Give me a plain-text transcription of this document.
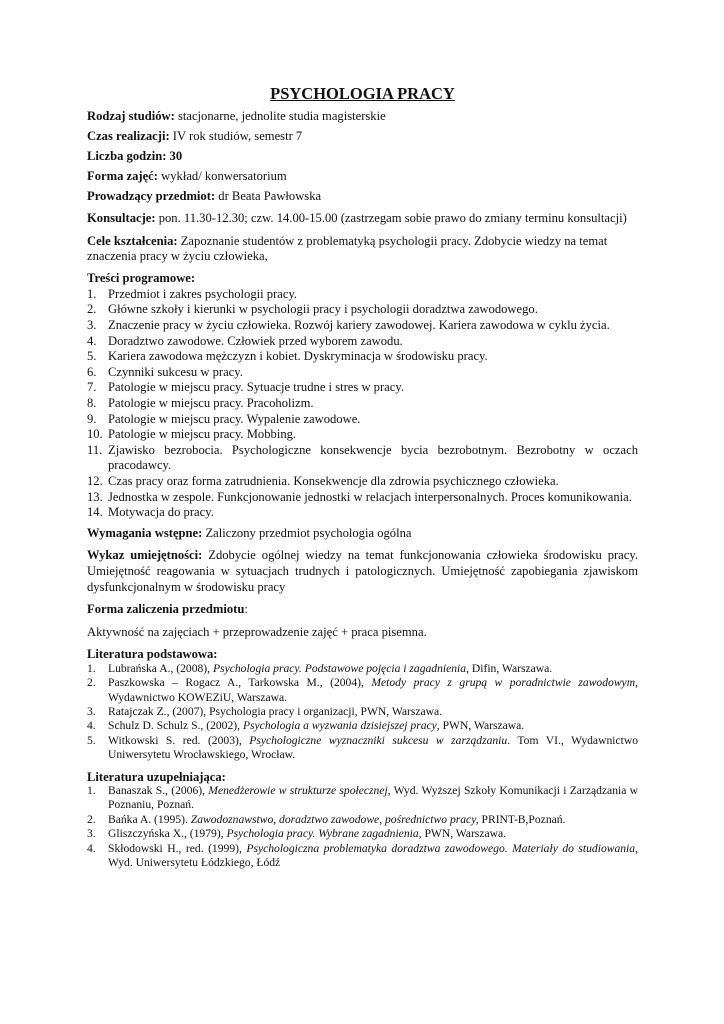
PSYCHOLOGIA PRACY

Rodzaj studiów: stacjonarne, jednolite studia magisterskie

Czas realizacji: IV rok studiów, semestr 7

Liczba godzin: 30

Forma zajęć: wykład/ konwersatorium

Prowadzący przedmiot: dr Beata Pawłowska

Konsultacje: pon. 11.30-12.30; czw. 14.00-15.00 (zastrzegam sobie prawo do zmiany terminu konsultacji)

Cele kształcenia: Zapoznanie studentów z problematyką psychologii pracy. Zdobycie wiedzy na temat znaczenia pracy w życiu człowieka,

Treści programowe:

1. Przedmiot i zakres psychologii pracy.
2. Główne szkoły i kierunki w psychologii pracy i psychologii doradztwa zawodowego.
3. Znaczenie pracy w życiu człowieka. Rozwój kariery zawodowej. Kariera zawodowa w cyklu życia.
4. Doradztwo zawodowe. Człowiek przed wyborem zawodu.
5. Kariera zawodowa mężczyzn i kobiet. Dyskryminacja w środowisku pracy.
6. Czynniki sukcesu w pracy.
7. Patologie w miejscu pracy. Sytuacje trudne i stres w pracy.
8. Patologie w miejscu pracy. Pracoholizm.
9. Patologie w miejscu pracy. Wypalenie zawodowe.
10. Patologie w miejscu pracy. Mobbing.
11. Zjawisko bezrobocia. Psychologiczne konsekwencje bycia bezrobotnym. Bezrobotny w oczach pracodawcy.
12. Czas pracy oraz forma zatrudnienia. Konsekwencje dla zdrowia psychicznego człowieka.
13. Jednostka w zespole. Funkcjonowanie jednostki w relacjach interpersonalnych. Proces komunikowania.
14. Motywacja do pracy.

Wymagania wstępne: Zaliczony przedmiot psychologia ogólna

Wykaz umiejętności: Zdobycie ogólnej wiedzy na temat funkcjonowania człowieka środowisku pracy. Umiejętność reagowania w sytuacjach trudnych i patologicznych. Umiejętność zapobiegania zjawiskom dysfunkcjonalnym w środowisku pracy

Forma zaliczenia przedmiotu:

Aktywność na zajęciach + przeprowadzenie zajęć + praca pisemna.

Literatura podstawowa:

1. Lubrańska A., (2008), Psychologia pracy. Podstawowe pojęcia i zagadnienia, Difin, Warszawa.
2. Paszkowska – Rogacz A., Tarkowska M., (2004), Metody pracy z grupą w poradnictwie zawodowym, Wydawnictwo KOWEZiU, Warszawa.
3. Ratajczak Z., (2007), Psychologia pracy i organizacji, PWN, Warszawa.
4. Schulz D. Schulz S., (2002), Psychologia a wyzwania dzisiejszej pracy, PWN, Warszawa.
5. Witkowski S. red. (2003), Psychologiczne wyznaczniki sukcesu w zarządzaniu. Tom VI., Wydawnictwo Uniwersytetu Wrocławskiego, Wrocław.

Literatura uzupełniająca:

1. Banaszak S., (2006), Menedżerowie w strukturze społecznej, Wyd. Wyższej Szkoły Komunikacji i Zarządzania w Poznaniu, Poznań.
2. Bańka A. (1995). Zawodoznawstwo, doradztwo zawodowe, pośrednictwo pracy, PRINT-B,Poznań.
3. Gliszczyńska X., (1979), Psychologia pracy. Wybrane zagadnienia, PWN, Warszawa.
4. Skłodowski H., red. (1999), Psychologiczna problematyka doradztwa zawodowego. Materiały do studiowania, Wyd. Uniwersytetu Łódzkiego, Łódź
